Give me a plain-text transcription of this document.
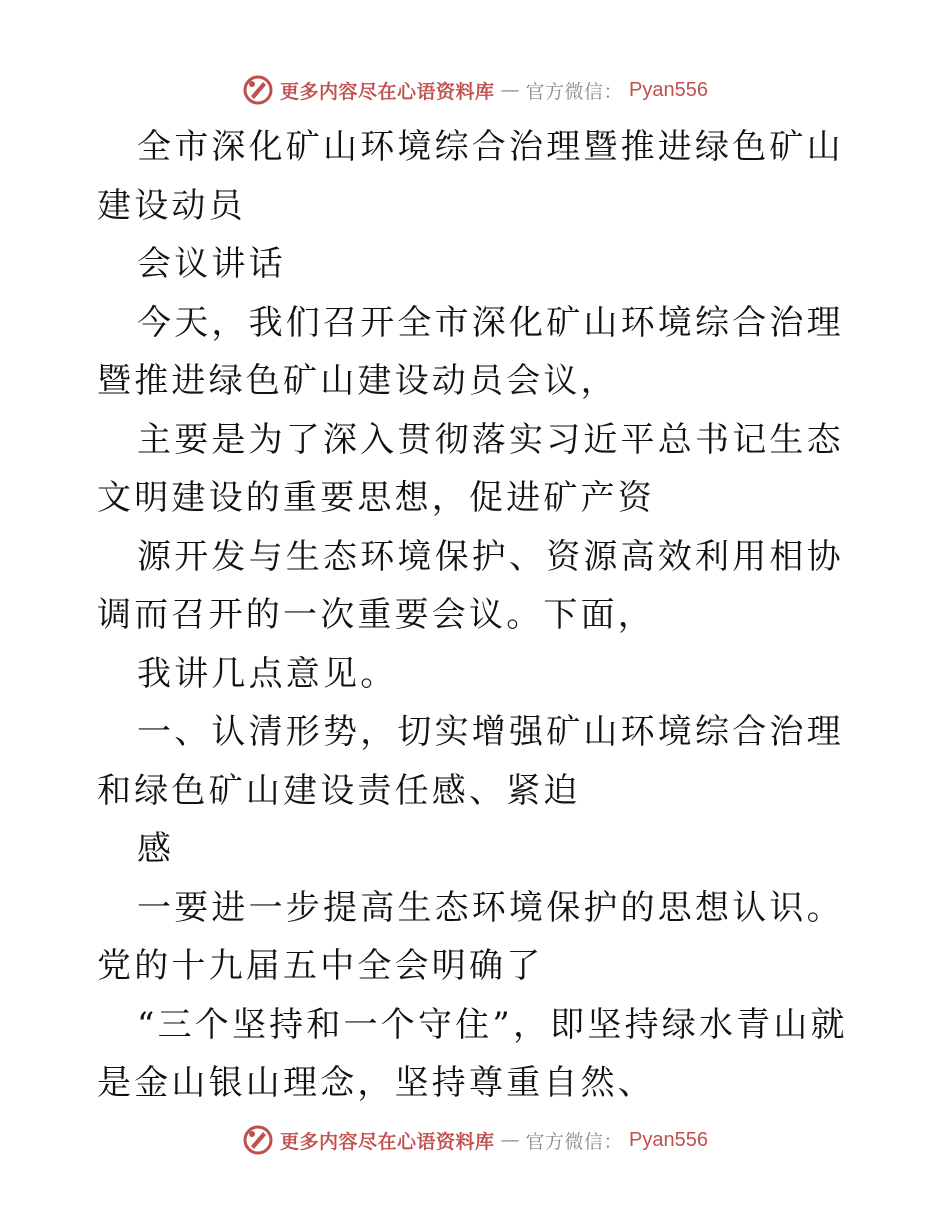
更多内容尽在心语资料库 — 官方微信： Pyan556

全市深化矿山环境综合治理暨推进绿色矿山建设动员

会议讲话

今天，我们召开全市深化矿山环境综合治理暨推进绿色矿山建设动员会议，

主要是为了深入贯彻落实习近平总书记生态文明建设的重要思想，促进矿产资

源开发与生态环境保护、资源高效利用相协调而召开的一次重要会议。下面，

我讲几点意见。

一、认清形势，切实增强矿山环境综合治理和绿色矿山建设责任感、紧迫

感

一要进一步提高生态环境保护的思想认识。党的十九届五中全会明确了

“三个坚持和一个守住”，即坚持绿水青山就是金山银山理念，坚持尊重自然、

更多内容尽在心语资料库 — 官方微信： Pyan556
